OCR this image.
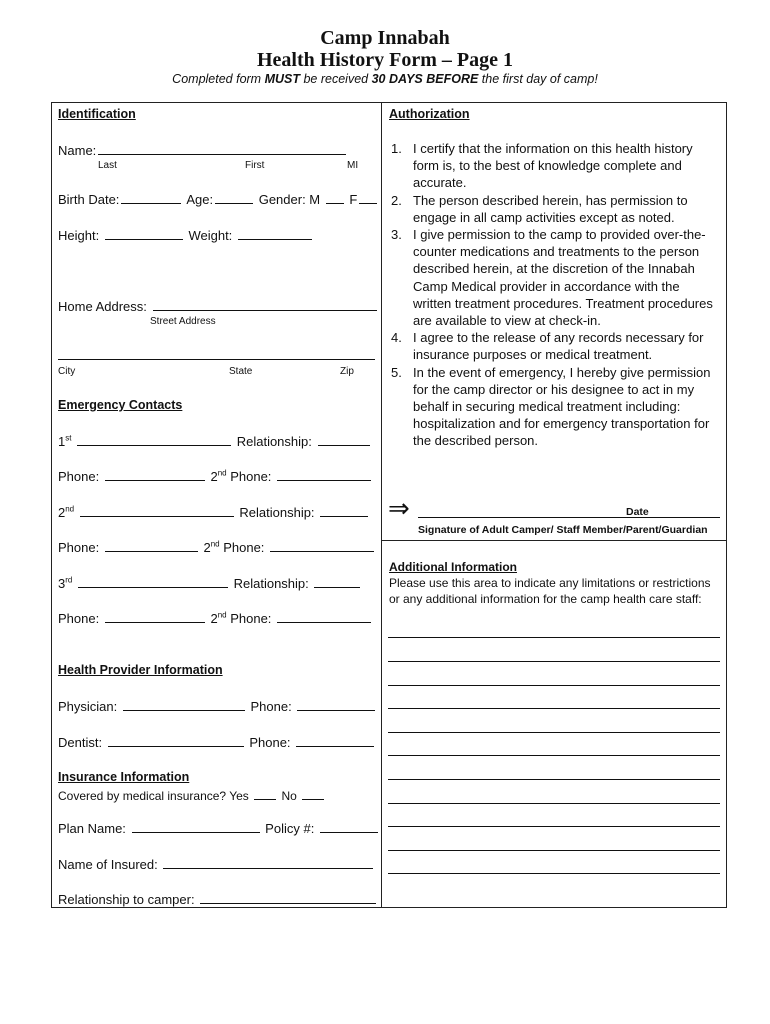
Camp Innabah
Health History Form – Page 1
Completed form MUST be received 30 DAYS BEFORE the first day of camp!
Identification
Name:
Last	First	MI
Birth Date:	Age:	Gender: M F
Height:	Weight:
Home Address:
Street Address
City	State	Zip
Emergency Contacts
1st	Relationship:
Phone:	2nd Phone:
2nd	Relationship:
Phone:	2nd Phone:
3rd	Relationship:
Phone:	2nd Phone:
Health Provider Information
Physician:	Phone:
Dentist:	Phone:
Insurance Information
Covered by medical insurance? Yes	No
Plan Name:	Policy #:
Name of Insured:
Relationship to camper:
Authorization
1. I certify that the information on this health history form is, to the best of knowledge complete and accurate.
2. The person described herein, has permission to engage in all camp activities except as noted.
3. I give permission to the camp to provided over-the-counter medications and treatments to the person described herein, at the discretion of the Innabah Camp Medical provider in accordance with the written treatment procedures. Treatment procedures are available to view at check-in.
4. I agree to the release of any records necessary for insurance purposes or medical treatment.
5. In the event of emergency, I hereby give permission for the camp director or his designee to act in my behalf in securing medical treatment including: hospitalization and for emergency transportation for the described person.
⇒	Date
Signature of Adult Camper/ Staff Member/Parent/Guardian
Additional Information
Please use this area to indicate any limitations or restrictions or any additional information for the camp health care staff:
